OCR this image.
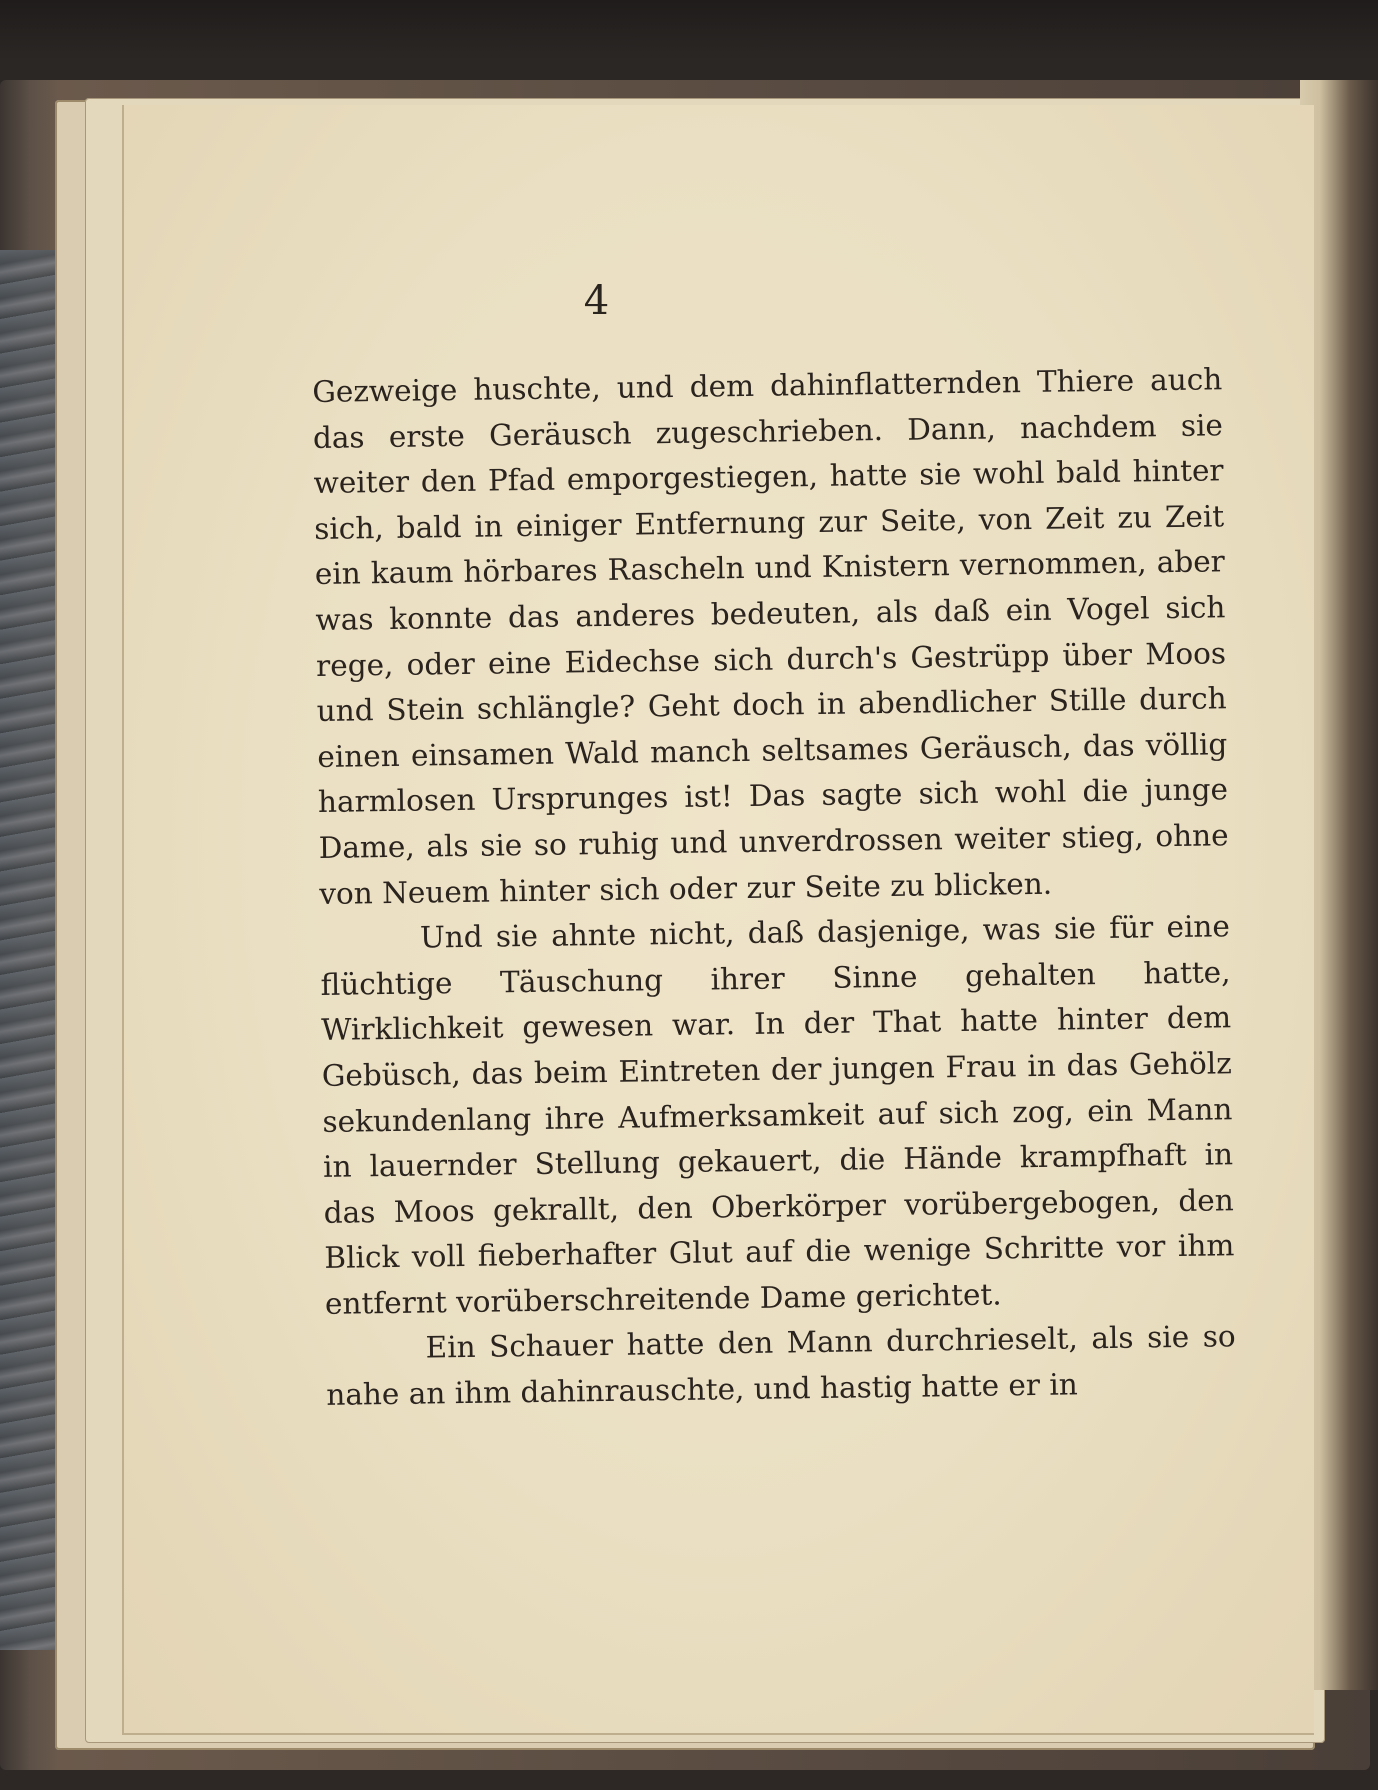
4

Gezweige huschte, und dem dahinflatternden Thiere auch das erste Geräusch zugeschrieben. Dann, nachdem sie weiter den Pfad emporgestiegen, hatte sie wohl bald hinter sich, bald in einiger Entfernung zur Seite, von Zeit zu Zeit ein kaum hörbares Rascheln und Knistern vernommen, aber was konnte das anderes bedeuten, als daß ein Vogel sich rege, oder eine Eidechse sich durch's Gestrüpp über Moos und Stein schlängle? Geht doch in abendlicher Stille durch einen einsamen Wald manch seltsames Geräusch, das völlig harmlosen Ursprunges ist! Das sagte sich wohl die junge Dame, als sie so ruhig und unverdrossen weiter stieg, ohne von Neuem hinter sich oder zur Seite zu blicken.

Und sie ahnte nicht, daß dasjenige, was sie für eine flüchtige Täuschung ihrer Sinne gehalten hatte, Wirklichkeit gewesen war. In der That hatte hinter dem Gebüsch, das beim Eintreten der jungen Frau in das Gehölz sekundenlang ihre Aufmerksamkeit auf sich zog, ein Mann in lauernder Stellung gekauert, die Hände krampfhaft in das Moos gekrallt, den Oberkörper vorübergebogen, den Blick voll fieberhafter Glut auf die wenige Schritte vor ihm entfernt vorüberschreitende Dame gerichtet.

Ein Schauer hatte den Mann durchrieselt, als sie so nahe an ihm dahinrauschte, und hastig hatte er in
